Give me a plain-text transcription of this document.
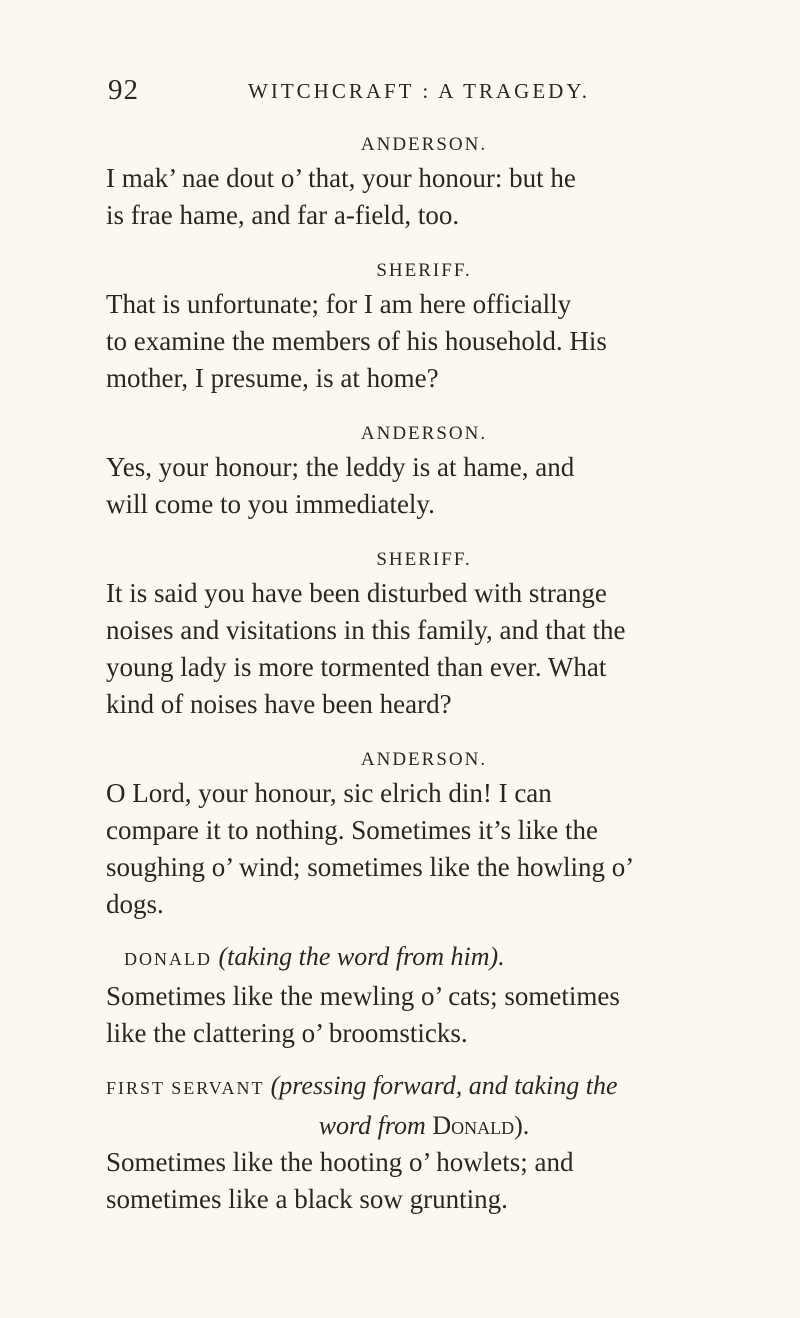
92	WITCHCRAFT : A TRAGEDY.

ANDERSON.

I mak’ nae dout o’ that, your honour: but he
is frae hame, and far a-field, too.

SHERIFF.

That is unfortunate; for I am here officially
to examine the members of his household. His
mother, I presume, is at home?

ANDERSON.

Yes, your honour; the leddy is at hame, and
will come to you immediately.

SHERIFF.

It is said you have been disturbed with strange
noises and visitations in this family, and that the
young lady is more tormented than ever. What
kind of noises have been heard?

ANDERSON.

O Lord, your honour, sic elrich din! I can
compare it to nothing. Sometimes it’s like the
soughing o’ wind; sometimes like the howling o’
dogs.

DONALD (taking the word from him).

Sometimes like the mewling o’ cats; sometimes
like the clattering o’ broomsticks.

FIRST SERVANT (pressing forward, and taking the

word from Donald).

Sometimes like the hooting o’ howlets; and
sometimes like a black sow grunting.
